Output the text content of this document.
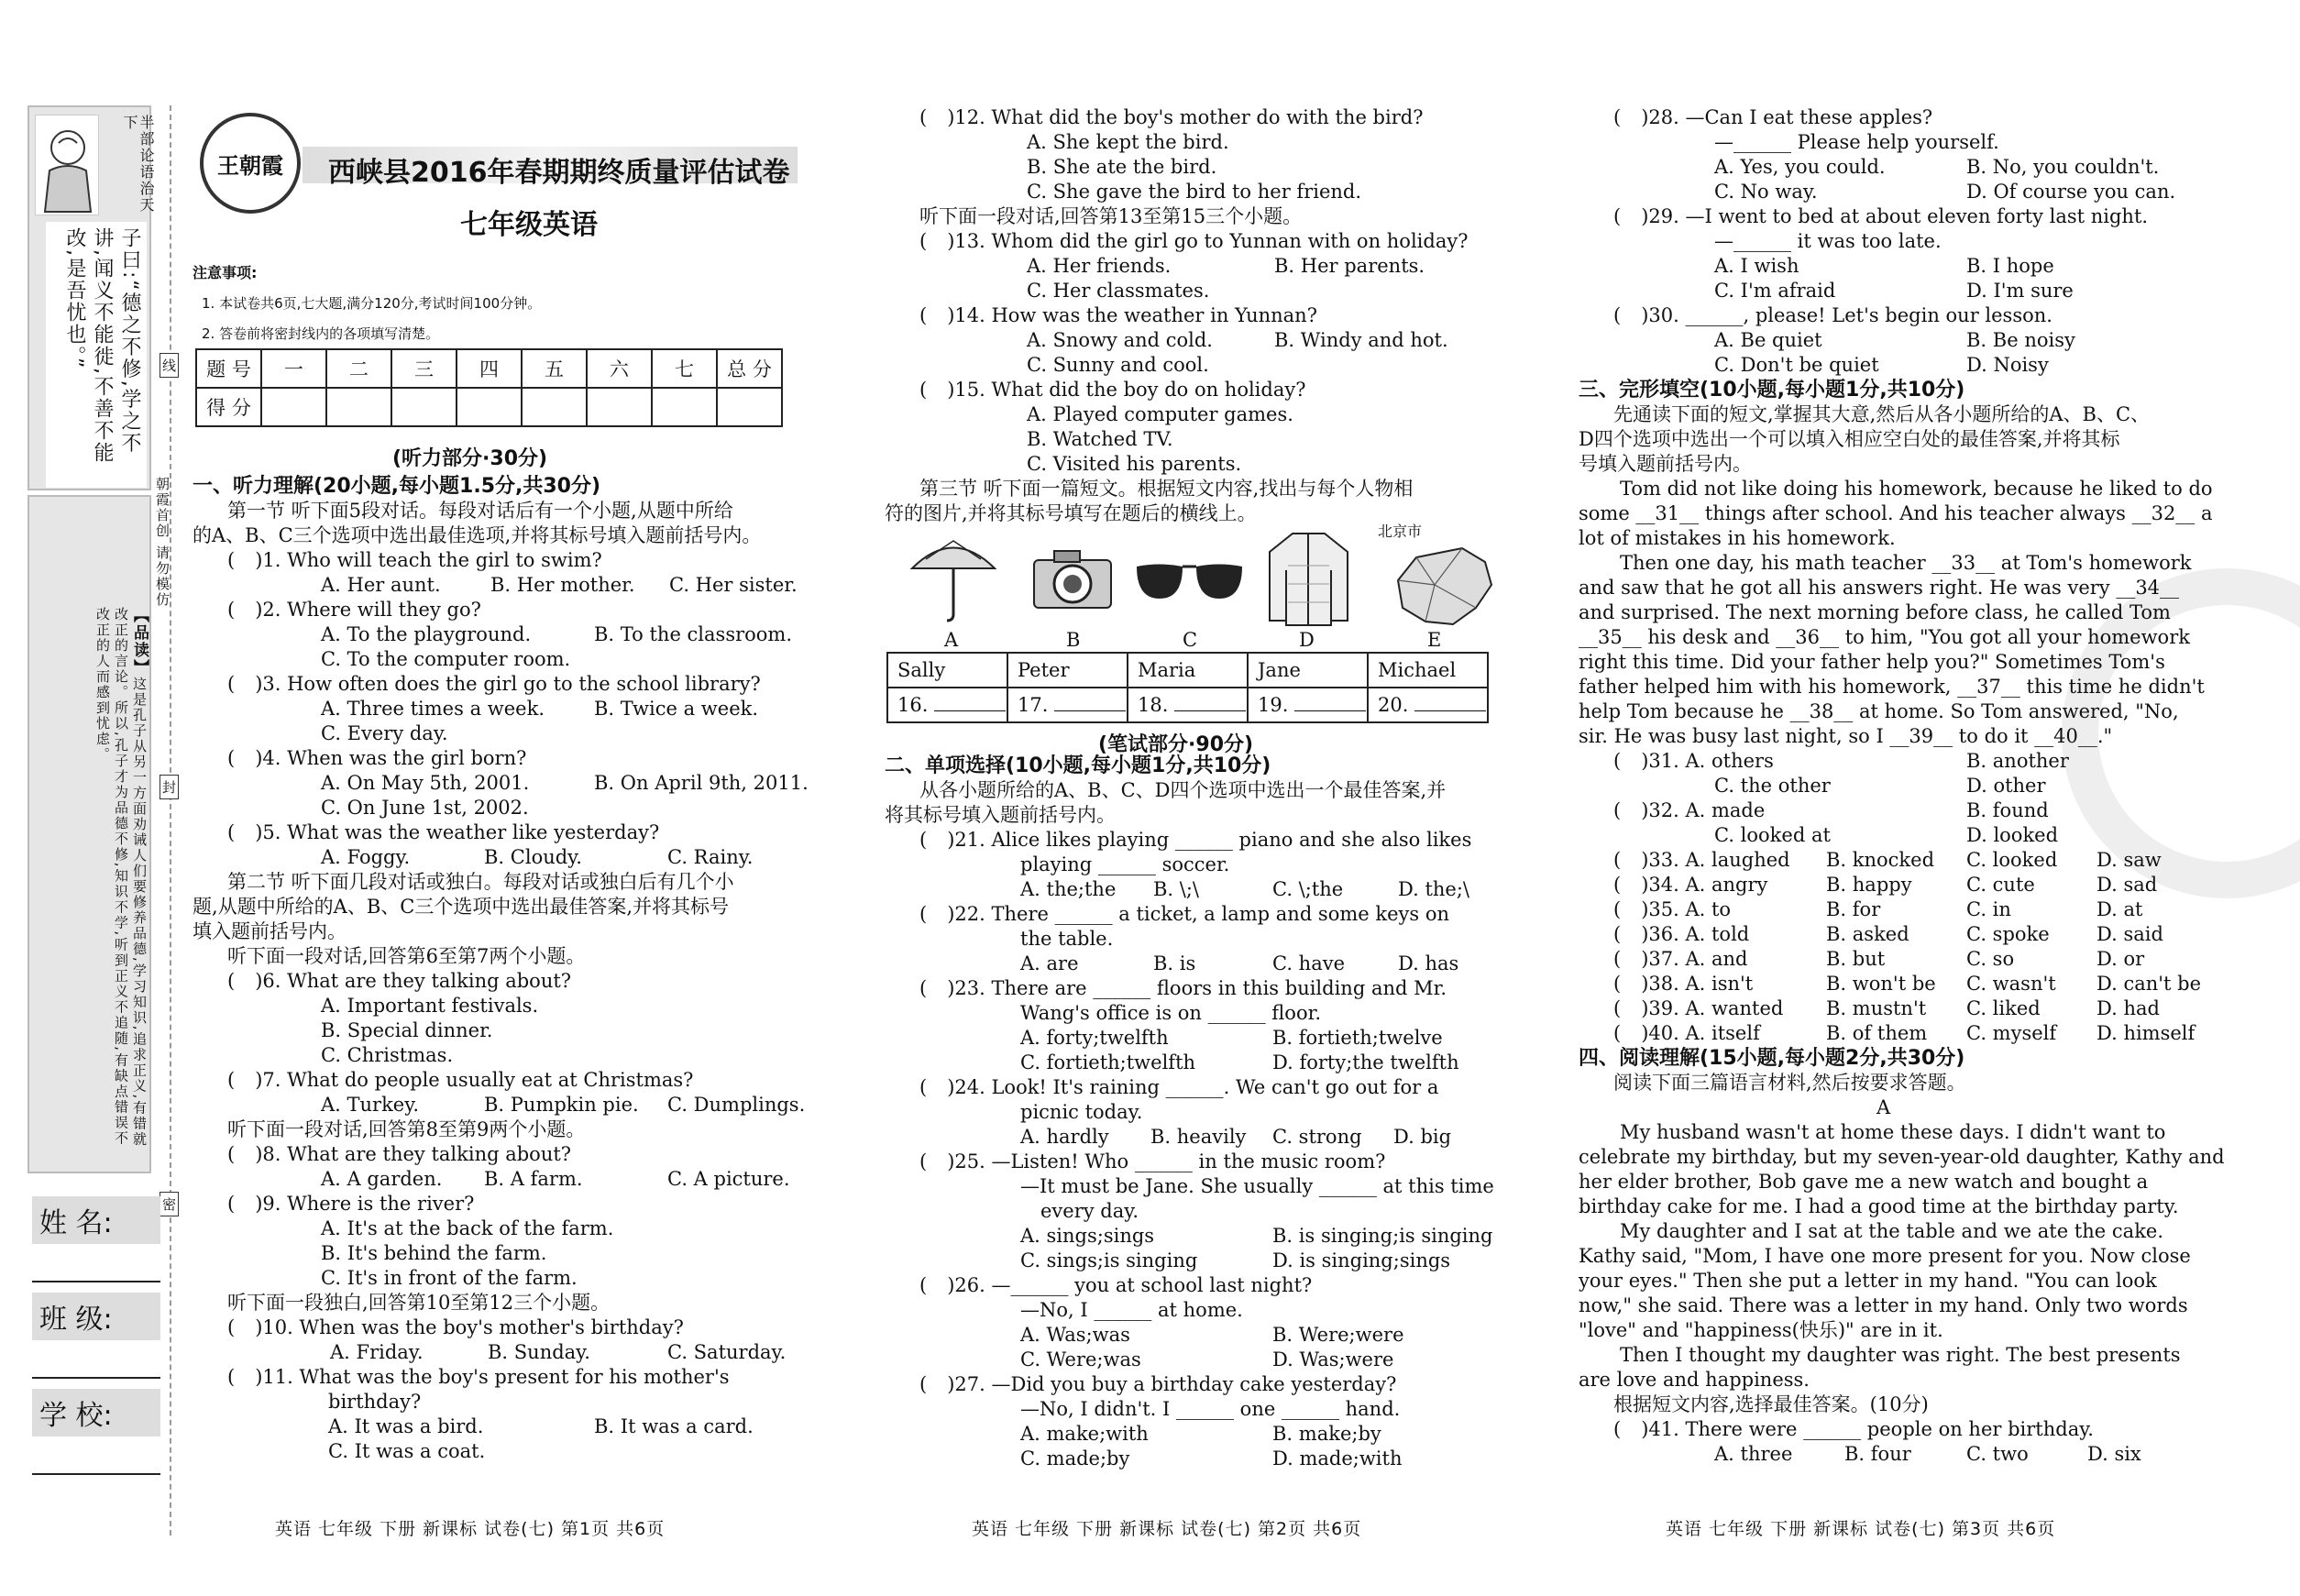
半部论语治天下
子曰:“德之不修,学之不讲,闻义不能徙,不善不能改,是吾忧也。”
【品读】这是孔子从另一方面劝诫人们要修养品德,学习知识,追求正义,有错就改正的言论。所以,孔子才为品德不修,知识不学,听到正义不追随,有缺点错误不改正的人而感到忧虑。
朝霞首创 请勿模仿
线
封
密
姓 名:
班 级:
学 校:
王朝霞 西峡县2016年春期期终质量评估试卷
七年级英语
注意事项:
1. 本试卷共6页,七大题,满分120分,考试时间100分钟。
2. 答卷前将密封线内的各项填写清楚。
题 号	一	二	三	四	五	六	七	总 分
得 分								
(听力部分·30分)
一、听力理解(20小题,每小题1.5分,共30分)
第一节 听下面5段对话。每段对话后有一个小题,从题中所给
的A、B、C三个选项中选出最佳选项,并将其标号填入题前括号内。
( )1. Who will teach the girl to swim?
A. Her aunt.	B. Her mother. C. Her sister.
( )2. Where will they go?
A. To the playground.	B. To the classroom.
C. To the computer room.
( )3. How often does the girl go to the school library?
A. Three times a week.	B. Twice a week.
C. Every day.
( )4. When was the girl born?
A. On May 5th, 2001.	B. On April 9th, 2011.
C. On June 1st, 2002.
( )5. What was the weather like yesterday?
A. Foggy.	B. Cloudy.	C. Rainy.
第二节 听下面几段对话或独白。每段对话或独白后有几个小
题,从题中所给的A、B、C三个选项中选出最佳答案,并将其标号
填入题前括号内。
听下面一段对话,回答第6至第7两个小题。
( )6. What are they talking about?
A. Important festivals.
B. Special dinner.
C. Christmas.
( )7. What do people usually eat at Christmas?
A. Turkey.	B. Pumpkin pie. C. Dumplings.
听下面一段对话,回答第8至第9两个小题。
( )8. What are they talking about?
A. A garden. B. A farm.	C. A picture.
( )9. Where is the river?
A. It's at the back of the farm.
B. It's behind the farm.
C. It's in front of the farm.
听下面一段独白,回答第10至第12三个小题。
( )10. When was the boy's mother's birthday?
A. Friday.	B. Sunday.	C. Saturday.
( )11. What was the boy's present for his mother's
birthday?
A. It was a bird.	B. It was a card.
C. It was a coat.
英语 七年级 下册 新课标 试卷(七) 第1页 共6页
( )12. What did the boy's mother do with the bird?
A. She kept the bird.
B. She ate the bird.
C. She gave the bird to her friend.
听下面一段对话,回答第13至第15三个小题。
( )13. Whom did the girl go to Yunnan with on holiday?
A. Her friends.	B. Her parents.
C. Her classmates.
( )14. How was the weather in Yunnan?
A. Snowy and cold.	B. Windy and hot.
C. Sunny and cool.
( )15. What did the boy do on holiday?
A. Played computer games.
B. Watched TV.
C. Visited his parents.
第三节 听下面一篇短文。根据短文内容,找出与每个人物相
符的图片,并将其标号填写在题后的横线上。
北京市
A	B	C	D	E
Sally	Peter	Maria	Jane	Michael
16.	17.	18.	19.	20.
(笔试部分·90分)
二、单项选择(10小题,每小题1分,共10分)
从各小题所给的A、B、C、D四个选项中选出一个最佳答案,并
将其标号填入题前括号内。
( )21. Alice likes playing ______ piano and she also likes
playing ______ soccer.
A. the;the B. \;\	C. \;the	D. the;\
( )22. There ______ a ticket, a lamp and some keys on
the table.
A. are	B. is	C. have	D. has
( )23. There are ______ floors in this building and Mr.
Wang's office is on ______ floor.
A. forty;twelfth	B. fortieth;twelve
C. fortieth;twelfth	D. forty;the twelfth
( )24. Look! It's raining ______. We can't go out for a
picnic today.
A. hardly B. heavily C. strong D. big
( )25. —Listen! Who ______ in the music room?
—It must be Jane. She usually ______ at this time
every day.
A. sings;sings	B. is singing;is singing
C. sings;is singing	D. is singing;sings
( )26. —______ you at school last night?
—No, I ______ at home.
A. Was;was	B. Were;were
C. Were;was	D. Was;were
( )27. —Did you buy a birthday cake yesterday?
—No, I didn't. I ______ one ______ hand.
A. make;with	B. make;by
C. made;by	D. made;with
英语 七年级 下册 新课标 试卷(七) 第2页 共6页
( )28. —Can I eat these apples?
—______ Please help yourself.
A. Yes, you could.	B. No, you couldn't.
C. No way.	D. Of course you can.
( )29. —I went to bed at about eleven forty last night.
—______ it was too late.
A. I wish	B. I hope
C. I'm afraid	D. I'm sure
( )30. ______, please! Let's begin our lesson.
A. Be quiet	B. Be noisy
C. Don't be quiet	D. Noisy
三、完形填空(10小题,每小题1分,共10分)
先通读下面的短文,掌握其大意,然后从各小题所给的A、B、C、
D四个选项中选出一个可以填入相应空白处的最佳答案,并将其标
号填入题前括号内。
Tom did not like doing his homework, because he liked to do
some __31__ things after school. And his teacher always __32__ a
lot of mistakes in his homework.
Then one day, his math teacher __33__ at Tom's homework
and saw that he got all his answers right. He was very __34__
and surprised. The next morning before class, he called Tom
__35__ his desk and __36__ to him, "You got all your homework
right this time. Did your father help you?" Sometimes Tom's
father helped him with his homework, __37__ this time he didn't
help Tom because he __38__ at home. So Tom answered, "No,
sir. He was busy last night, so I __39__ to do it __40__."
( )31. A. others	B. another
C. the other	D. other
( )32. A. made	B. found
C. looked at	D. looked
( )33. A. laughed B. knocked C. looked D. saw
( )34. A. angry	B. happy	C. cute	D. sad
( )35. A. to	B. for	C. in	D. at
( )36. A. told	B. asked	C. spoke D. said
( )37. A. and	B. but	C. so	D. or
( )38. A. isn't	B. won't be C. wasn't D. can't be
( )39. A. wanted B. mustn't C. liked	D. had
( )40. A. itself	B. of them C. myself D. himself
四、阅读理解(15小题,每小题2分,共30分)
阅读下面三篇语言材料,然后按要求答题。
A
My husband wasn't at home these days. I didn't want to
celebrate my birthday, but my seven-year-old daughter, Kathy and
her elder brother, Bob gave me a new watch and bought a
birthday cake for me. I had a good time at the birthday party.
My daughter and I sat at the table and we ate the cake.
Kathy said, "Mom, I have one more present for you. Now close
your eyes." Then she put a letter in my hand. "You can look
now," she said. There was a letter in my hand. Only two words
"love" and "happiness(快乐)" are in it.
Then I thought my daughter was right. The best presents
are love and happiness.
根据短文内容,选择最佳答案。(10分)
( )41. There were ______ people on her birthday.
A. three	B. four	C. two	D. six
英语 七年级 下册 新课标 试卷(七) 第3页 共6页
